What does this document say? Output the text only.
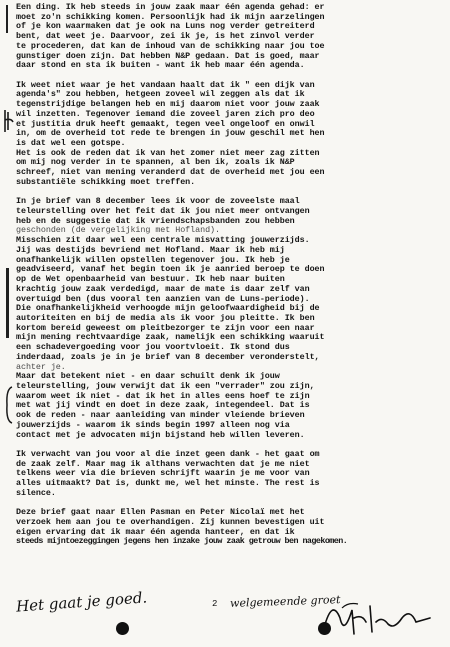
Een ding. Ik heb steeds in jouw zaak maar één agenda gehad: er
moet zo'n schikking komen. Persoonlijk had ik mijn aarzelingen
of je kon waarmaken dat je ook na Luns nog verder getreiterd
bent, dat weet je. Daarvoor, zei ik je, is het zinvol verder
te procederen, dat kan de inhoud van de schikking naar jou toe
gunstiger doen zijn. Dat hebben N&P gedaan. Dat is goed, maar
daar stond en sta ik buiten - want ik heb maar één agenda.
Ik weet niet waar je het vandaan haalt dat ik " een dijk van
agenda's" zou hebben, hetgeen zoveel wil zeggen als dat ik
tegenstrijdige belangen heb en mij daarom niet voor jouw zaak
wil inzetten. Tegenover iemand die zoveel jaren zich pro deo
et justitia druk heeft gemaakt, tegen veel ongeloof en onwil
in, om de overheid tot rede te brengen in jouw geschil met hen
is dat wel een gotspe.
Het is ook de reden dat ik van het zomer niet meer zag zitten
om mij nog verder in te spannen, al ben ik, zoals ik N&P
schreef, niet van mening veranderd dat de overheid met jou een
substantiële schikking moet treffen.
In je brief van 8 december lees ik voor de zoveelste maal
teleurstelling over het feit dat ik jou niet meer ontvangen
heb en de suggestie dat ik vriendschapsbanden zou hebben
geschonden (de vergelijking met Hofland).
Misschien zit daar wel een centrale misvatting jouwerzijds.
Jij was destijds bevriend met Hofland. Maar ik heb mij
onafhankelijk willen opstellen tegenover jou. Ik heb je
geadviseerd, vanaf het begin toen ik je aanried beroep te doen
op de Wet openbaarheid van bestuur. Ik heb naar buiten
krachtig jouw zaak verdedigd, maar de mate is daar zelf van
overtuigd ben (dus vooral ten aanzien van de Luns-periode).
Die onafhankelijkheid verhoogde mijn geloofwaardigheid bij de
autoriteiten en bij de media als ik voor jou pleitte. Ik ben
kortom bereid geweest om pleitbezorger te zijn voor een naar
mijn mening rechtvaardige zaak, namelijk een schikking waaruit
een schadevergoeding voor jou voortvloeit. Ik stond dus
inderdaad, zoals je in je brief van 8 december veronderstelt,
achter je.
Maar dat betekent niet - en daar schuilt denk ik jouw
teleurstelling, jouw verwijt dat ik een "verrader" zou zijn,
waarom weet ik niet - dat ik het in alles eens hoef te zijn
met wat jij vindt en doet in deze zaak, integendeel. Dat is
ook de reden - naar aanleiding van minder vleiende brieven
jouwerzijds - waarom ik sinds begin 1997 alleen nog via
contact met je advocaten mijn bijstand heb willen leveren.
Ik verwacht van jou voor al die inzet geen dank - het gaat om
de zaak zelf. Maar mag ik althans verwachten dat je me niet
telkens weer via die brieven schrijft waarin je me voor van
alles uitmaakt? Dat is, dunkt me, wel het minste. The rest is
silence.
Deze brief gaat naar Ellen Pasman en Peter Nicolaï met het
verzoek hem aan jou te overhandigen. Zij kunnen bevestigen uit
eigen ervaring dat ik maar één agenda hanteer, en dat ik
steeds mijntoezeggingen jegens hen inzake jouw zaak getrouw ben nagekomen.
Het gaat je goed.	2 welgemeende groet
